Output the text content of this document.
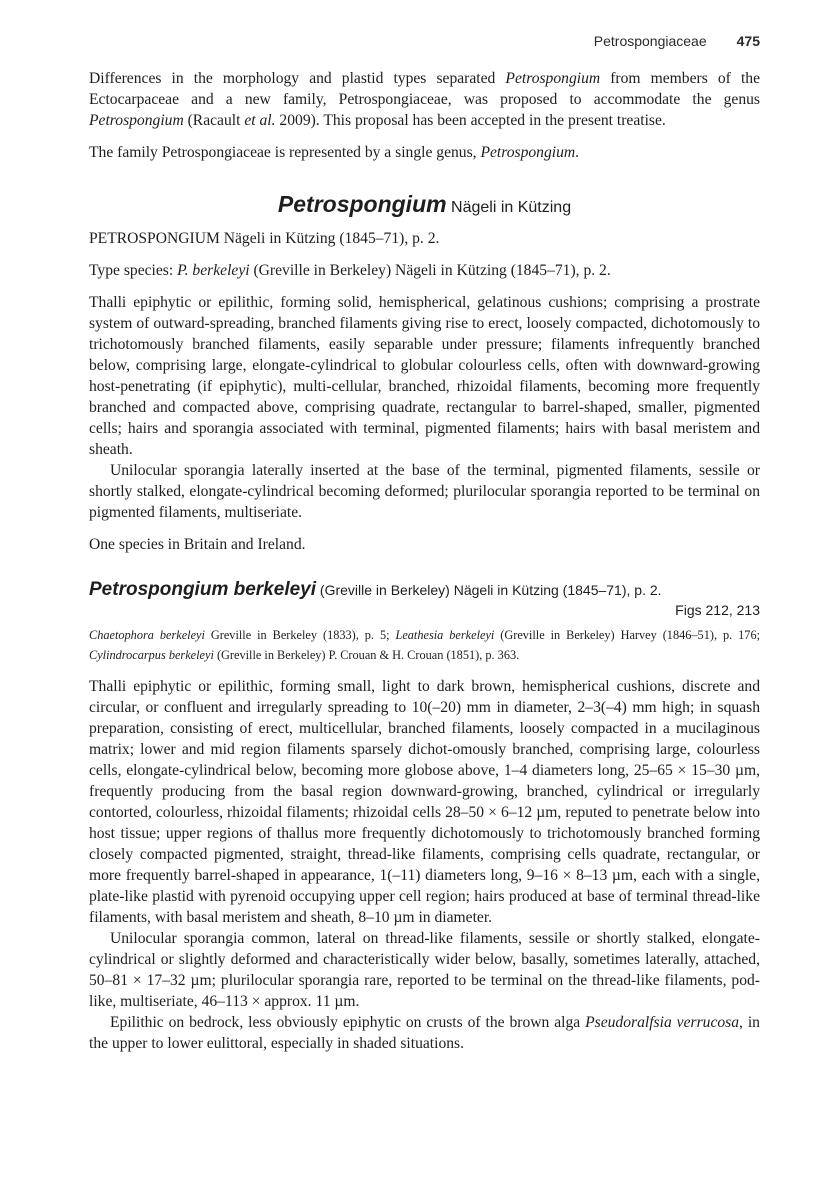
Petrospongiaceae 475

Differences in the morphology and plastid types separated Petrospongium from members of the Ectocarpaceae and a new family, Petrospongiaceae, was proposed to accommodate the genus Petrospongium (Racault et al. 2009). This proposal has been accepted in the present treatise.

The family Petrospongiaceae is represented by a single genus, Petrospongium.

Petrospongium Nägeli in Kützing

PETROSPONGIUM Nägeli in Kützing (1845–71), p. 2.

Type species: P. berkeleyi (Greville in Berkeley) Nägeli in Kützing (1845–71), p. 2.

Thalli epiphytic or epilithic, forming solid, hemispherical, gelatinous cushions; comprising a prostrate system of outward-spreading, branched filaments giving rise to erect, loosely compacted, dichotomously to trichotomously branched filaments, easily separable under pressure; filaments infrequently branched below, comprising large, elongate-cylindrical to globular colourless cells, often with downward-growing host-penetrating (if epiphytic), multi-cellular, branched, rhizoidal filaments, becoming more frequently branched and compacted above, comprising quadrate, rectangular to barrel-shaped, smaller, pigmented cells; hairs and sporangia associated with terminal, pigmented filaments; hairs with basal meristem and sheath.

Unilocular sporangia laterally inserted at the base of the terminal, pigmented filaments, sessile or shortly stalked, elongate-cylindrical becoming deformed; plurilocular sporangia reported to be terminal on pigmented filaments, multiseriate.

One species in Britain and Ireland.

Petrospongium berkeleyi (Greville in Berkeley) Nägeli in Kützing (1845–71), p. 2.
Figs 212, 213

Chaetophora berkeleyi Greville in Berkeley (1833), p. 5; Leathesia berkeleyi (Greville in Berkeley) Harvey (1846–51), p. 176; Cylindrocarpus berkeleyi (Greville in Berkeley) P. Crouan & H. Crouan (1851), p. 363.

Thalli epiphytic or epilithic, forming small, light to dark brown, hemispherical cushions, discrete and circular, or confluent and irregularly spreading to 10(–20) mm in diameter, 2–3(–4) mm high; in squash preparation, consisting of erect, multicellular, branched filaments, loosely compacted in a mucilaginous matrix; lower and mid region filaments sparsely dichot-omously branched, comprising large, colourless cells, elongate-cylindrical below, becoming more globose above, 1–4 diameters long, 25–65 × 15–30 µm, frequently producing from the basal region downward-growing, branched, cylindrical or irregularly contorted, colourless, rhizoidal filaments; rhizoidal cells 28–50 × 6–12 µm, reputed to penetrate below into host tissue; upper regions of thallus more frequently dichotomously to trichotomously branched forming closely compacted pigmented, straight, thread-like filaments, comprising cells quadrate, rectangular, or more frequently barrel-shaped in appearance, 1(–11) diameters long, 9–16 × 8–13 µm, each with a single, plate-like plastid with pyrenoid occupying upper cell region; hairs produced at base of terminal thread-like filaments, with basal meristem and sheath, 8–10 µm in diameter.

Unilocular sporangia common, lateral on thread-like filaments, sessile or shortly stalked, elongate-cylindrical or slightly deformed and characteristically wider below, basally, sometimes laterally, attached, 50–81 × 17–32 µm; plurilocular sporangia rare, reported to be terminal on the thread-like filaments, pod-like, multiseriate, 46–113 × approx. 11 µm.

Epilithic on bedrock, less obviously epiphytic on crusts of the brown alga Pseudoralfsia verrucosa, in the upper to lower eulittoral, especially in shaded situations.
